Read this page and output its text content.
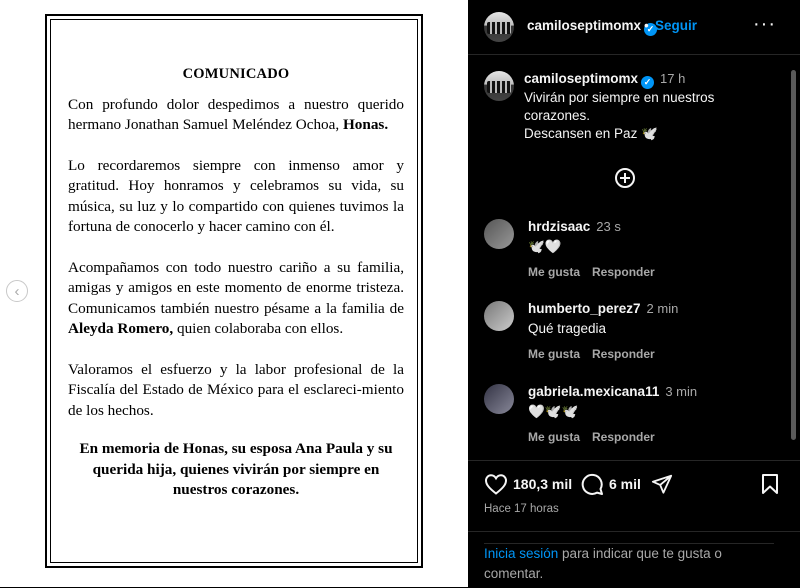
‹
COMUNICADO

Con profundo dolor despedimos a nuestro querido hermano Jonathan Samuel Meléndez Ochoa, Honas.

Lo recordaremos siempre con inmenso amor y gratitud. Hoy honramos y celebramos su vida, su música, su luz y lo compartido con quienes tuvimos la fortuna de conocerlo y hacer camino con él.

Acompañamos con todo nuestro cariño a su familia, amigas y amigos en este momento de enorme tristeza. Comunicamos también nuestro pésame a la familia de Aleyda Romero, quien colaboraba con ellos.

Valoramos el esfuerzo y la labor profesional de la Fiscalía del Estado de México para el esclareci-miento de los hechos.

En memoria de Honas, su esposa Ana Paula y su querida hija, quienes vivirán por siempre en nuestros corazones.

camiloseptimomx ✓
• Seguir	···
camiloseptimomx ✓ 17 h
Vivirán por siempre en nuestros corazones.
Descansen en Paz 🕊️
hrdzisaac 23 s
🕊️🤍
Me gusta Responder
humberto_perez7 2 min
Qué tragedia
Me gusta Responder
gabriela.mexicana11 3 min
🤍🕊️🕊️
Me gusta Responder
180,3 mil	6 mil
Hace 17 horas
Inicia sesión para indicar que te gusta o comentar.
